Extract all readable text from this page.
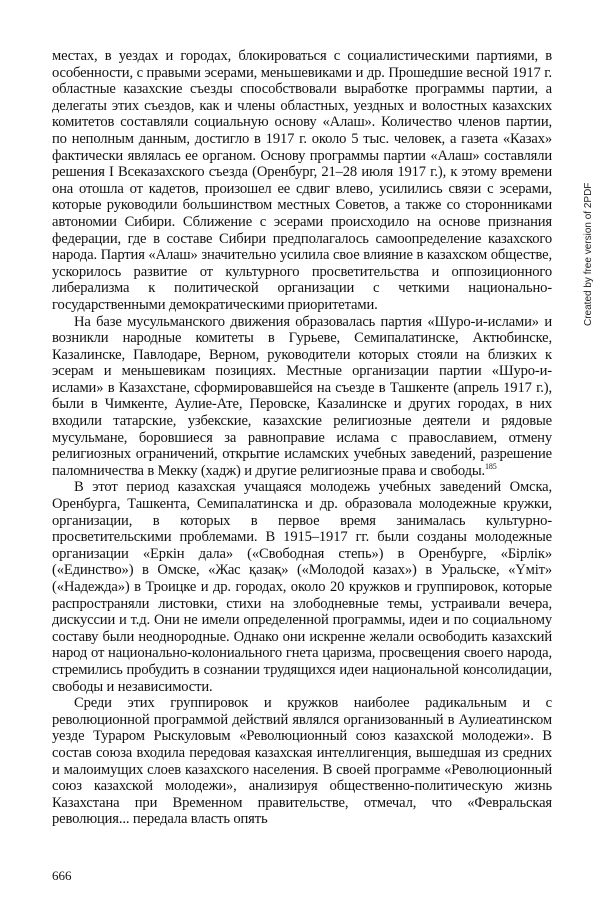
местах, в уездах и городах, блокироваться с социалистическими партиями, в особенности, с правыми эсерами, меньшевиками и др. Прошедшие весной 1917 г. областные казахские съезды способствовали выработке программы партии, а делегаты этих съездов, как и члены областных, уездных и волостных казахских комитетов составляли социальную основу «Алаш». Количество членов партии, по неполным данным, достигло в 1917 г. около 5 тыс. человек, а газета «Казах» фактически являлась ее органом. Основу программы партии «Алаш» составляли решения I Всеказахского съезда (Оренбург, 21–28 июля 1917 г.), к этому времени она отошла от кадетов, произошел ее сдвиг влево, усилились связи с эсерами, которые руководили большинством местных Советов, а также со сторонниками автономии Сибири. Сближение с эсерами происходило на основе признания федерации, где в составе Сибири предполагалось самоопределение казахского народа. Партия «Алаш» значительно усилила свое влияние в казахском обществе, ускорилось развитие от культурного просветительства и оппозиционного либерализма к политической организации с четкими национально-государственными демократическими приоритетами.

На базе мусульманского движения образовалась партия «Шуро-и-ислами» и возникли народные комитеты в Гурьеве, Семипалатинске, Актюбинске, Казалинске, Павлодаре, Верном, руководители которых стояли на близких к эсерам и меньшевикам позициях. Местные организации партии «Шуро-и-ислами» в Казахстане, сформировавшейся на съезде в Ташкенте (апрель 1917 г.), были в Чимкенте, Аулие-Ате, Перовске, Казалинске и других городах, в них входили татарские, узбекские, казахские религиозные деятели и рядовые мусульмане, боровшиеся за равноправие ислама с православием, отмену религиозных ограничений, открытие исламских учебных заведений, разрешение паломничества в Мекку (хадж) и другие религиозные права и свободы.$^{185}$

В этот период казахская учащаяся молодежь учебных заведений Омска, Оренбурга, Ташкента, Семипалатинска и др. образовала молодежные кружки, организации, в которых в первое время занималась культурно-просветительскими проблемами. В 1915–1917 гг. были созданы молодежные организации «Еркін дала» («Свободная степь») в Оренбурге, «Бірлік» («Единство») в Омске, «Жас қазақ» («Молодой казах») в Уральске, «Үміт» («Надежда») в Троицке и др. городах, около 20 кружков и группировок, которые распространяли листовки, стихи на злободневные темы, устраивали вечера, дискуссии и т.д. Они не имели определенной программы, идеи и по социальному составу были неоднородные. Однако они искренне желали освободить казахский народ от национально-колониального гнета царизма, просвещения своего народа, стремились пробудить в сознании трудящихся идеи национальной консолидации, свободы и независимости.

Среди этих группировок и кружков наиболее радикальным и с революционной программой действий являлся организованный в Аулиеатинском уезде Тураром Рыскуловым «Революционный союз казахской молодежи». В состав союза входила передовая казахская интеллигенция, вышедшая из средних и малоимущих слоев казахского населения. В своей программе «Революционный союз казахской молодежи», анализируя общественно-политическую жизнь Казахстана при Временном правительстве, отмечал, что «Февральская революция... передала власть опять

666
Created by free version of 2PDF
